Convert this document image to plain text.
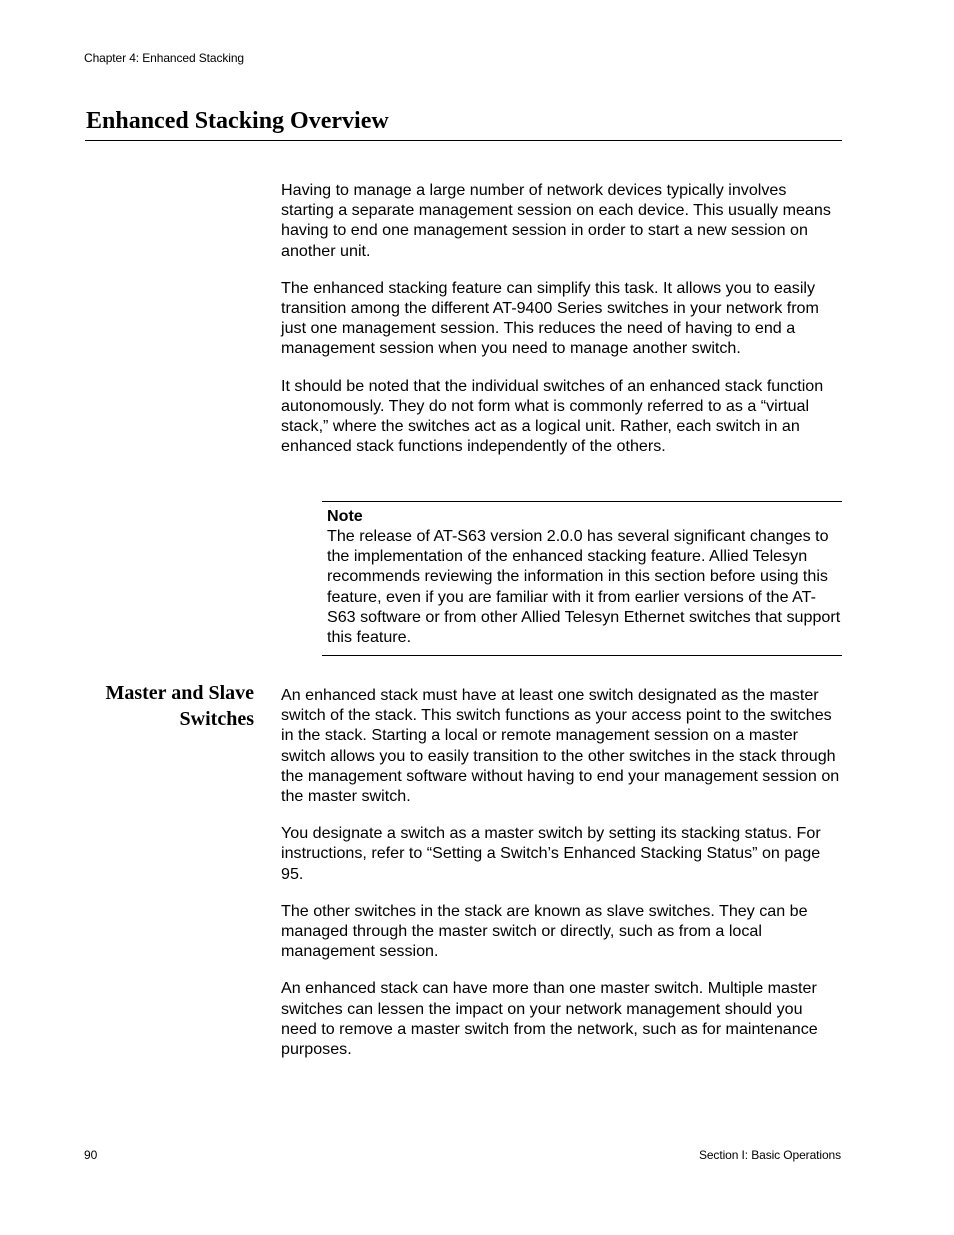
Chapter 4: Enhanced Stacking
Enhanced Stacking Overview

Having to manage a large number of network devices typically involves starting a separate management session on each device. This usually means having to end one management session in order to start a new session on another unit.

The enhanced stacking feature can simplify this task. It allows you to easily transition among the different AT-9400 Series switches in your network from just one management session. This reduces the need of having to end a management session when you need to manage another switch.

It should be noted that the individual switches of an enhanced stack function autonomously. They do not form what is commonly referred to as a “virtual stack,” where the switches act as a logical unit. Rather, each switch in an enhanced stack functions independently of the others.

Note

The release of AT-S63 version 2.0.0 has several significant changes to the implementation of the enhanced stacking feature. Allied Telesyn recommends reviewing the information in this section before using this feature, even if you are familiar with it from earlier versions of the AT-S63 software or from other Allied Telesyn Ethernet switches that support this feature.

Master and Slave
Switches

An enhanced stack must have at least one switch designated as the master switch of the stack. This switch functions as your access point to the switches in the stack. Starting a local or remote management session on a master switch allows you to easily transition to the other switches in the stack through the management software without having to end your management session on the master switch.

You designate a switch as a master switch by setting its stacking status. For instructions, refer to “Setting a Switch’s Enhanced Stacking Status” on page 95.

The other switches in the stack are known as slave switches. They can be managed through the master switch or directly, such as from a local management session.

An enhanced stack can have more than one master switch. Multiple master switches can lessen the impact on your network management should you need to remove a master switch from the network, such as for maintenance purposes.

90	Section I: Basic Operations
